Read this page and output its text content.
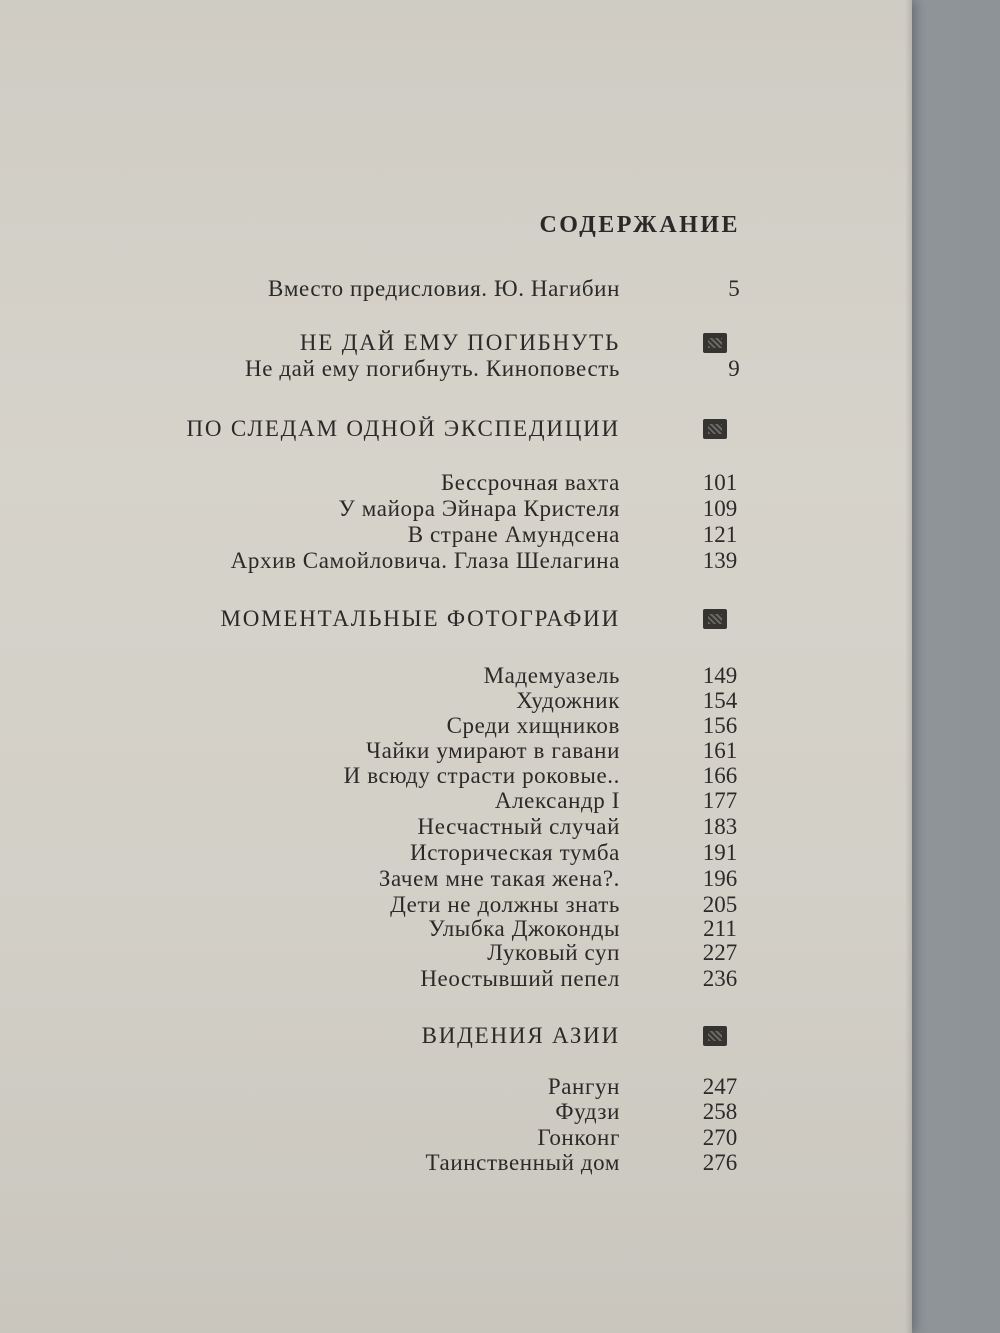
СОДЕРЖАНИЕ
Вместо предисловия. Ю. Нагибин	5
НЕ ДАЙ ЕМУ ПОГИБНУТЬ
Не дай ему погибнуть. Киноповесть	9
ПО СЛЕДАМ ОДНОЙ ЭКСПЕДИЦИИ
Бессрочная вахта	101
У майора Эйнара Кристеля	109
В стране Амундсена	121
Архив Самойловича. Глаза Шелагина	139
МОМЕНТАЛЬНЫЕ ФОТОГРАФИИ
Мадемуазель	149
Художник	154
Среди хищников	156
Чайки умирают в гавани	161
И всюду страсти роковые..	166
Александр I	177
Несчастный случай	183
Историческая тумба	191
Зачем мне такая жена?.	196
Дети не должны знать	205
Улыбка Джоконды	211
Луковый суп	227
Неостывший пепел	236
ВИДЕНИЯ АЗИИ
Рангун	247
Фудзи	258
Гонконг	270
Таинственный дом	276
